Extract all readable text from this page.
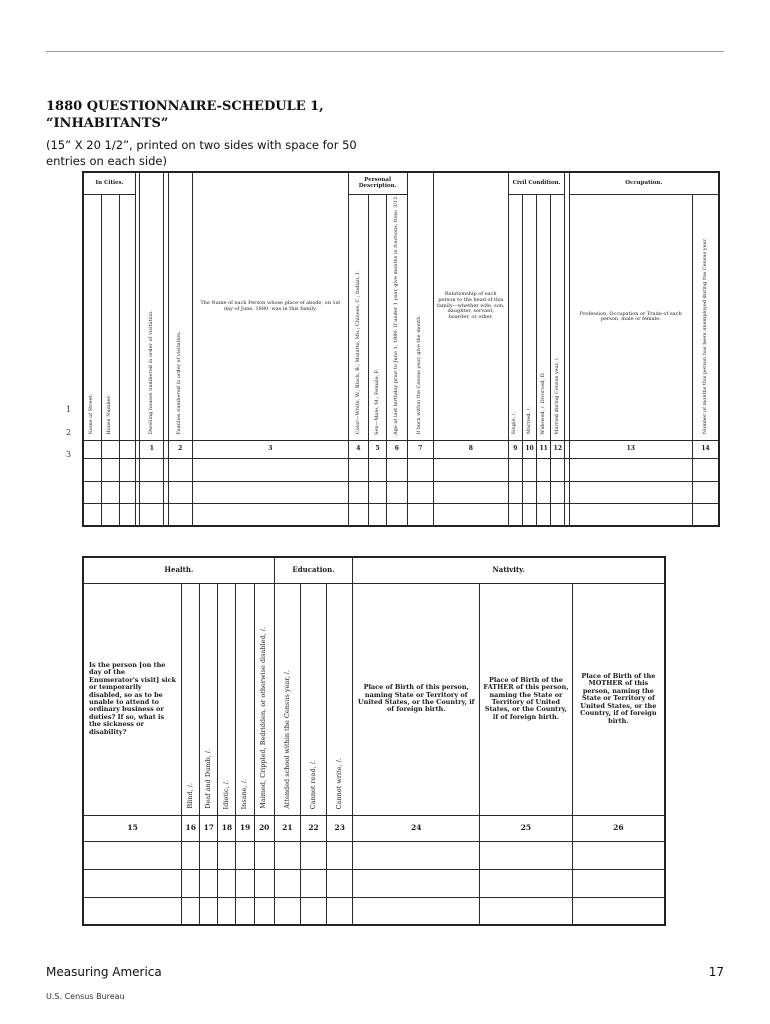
1880 QUESTIONNAIRE-SCHEDULE 1,
“INHABITANTS”
(15” X 20 1/2”, printed on two sides with space for 50 entries on each side)
In Cities.				Dwelling houses numbered in order of visitation.		Families numbered in order of visitation.	The Name of each Person whose place of abode, on 1st day of June, 1880, was in this family.	Personal Description.			If born within the Census year, give the month.	Relationship of each person to the head of this family—whether wife, son, daughter, servant, boarder, or other.	Civil Condition.					Occupation.	
Name of Street.	House Number.							Color—White, W.; Black, B.; Mulatto, Mu.; Chinese, C.; Indian, I.	Sex—Male, M.; Female, F.	Age at last birthday prior to June 1, 1880. If under 1 year, give months in fractions, thus: 3/12.			Single, /.	Married, /.	Widowed, /. Divorced, D.	Married during Census year, /.		Profession, Occupation or Trade of each person, male or female.	Number of months this person has been unemployed during the Census year.
				1		2	3	4	5	6	7	8	9	10	11	12		13	14

1
2
3
Health.						Education.			Nativity.		
Is the person [on the day of the Enumerator's visit] sick or temporarily disabled, so as to be unable to attend to ordinary business or duties? If so, what is the sickness or disability?	Blind, /.	Deaf and Dumb, /.	Idiotic, /.	Insane, /.	Maimed, Crippled, Bedridden, or otherwise disabled, /.	Attended school within the Census year, /.	Cannot read, /.	Cannot write, /.	Place of Birth of this person, naming State or Territory of United States, or the Country, if of foreign birth.	Place of Birth of the FATHER of this person, naming the State or Territory of United States, or the Country, if of foreign birth.	Place of Birth of the MOTHER of this person, naming the State or Territory of United States, or the Country, if of foreign birth.
15	16	17	18	19	20	21	22	23	24	25	26

Measuring America	17
U.S. Census Bureau
